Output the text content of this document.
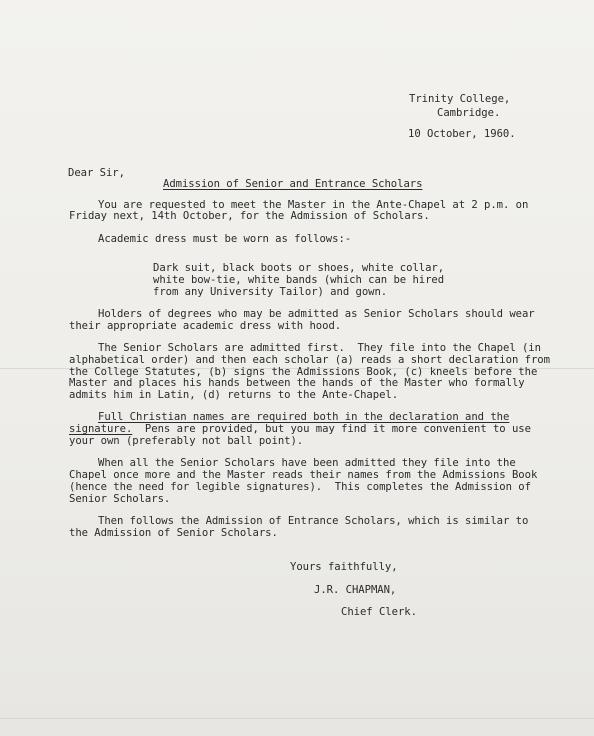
Trinity College,
Cambridge.
10 October, 1960.
Dear Sir,
Admission of Senior and Entrance Scholars
You are requested to meet the Master in the Ante-Chapel at 2 p.m. on
Friday next, 14th October, for the Admission of Scholars.
Academic dress must be worn as follows:-
Dark suit, black boots or shoes, white collar,
white bow-tie, white bands (which can be hired
from any University Tailor) and gown.
Holders of degrees who may be admitted as Senior Scholars should wear
their appropriate academic dress with hood.
The Senior Scholars are admitted first.  They file into the Chapel (in
alphabetical order) and then each scholar (a) reads a short declaration from
the College Statutes, (b) signs the Admissions Book, (c) kneels before the
Master and places his hands between the hands of the Master who formally
admits him in Latin, (d) returns to the Ante-Chapel.
Full Christian names are required both in the declaration and the
signature.  Pens are provided, but you may find it more convenient to use
your own (preferably not ball point).
When all the Senior Scholars have been admitted they file into the
Chapel once more and the Master reads their names from the Admissions Book
(hence the need for legible signatures).  This completes the Admission of
Senior Scholars.
Then follows the Admission of Entrance Scholars, which is similar to
the Admission of Senior Scholars.
Yours faithfully,
J.R. CHAPMAN,
Chief Clerk.
